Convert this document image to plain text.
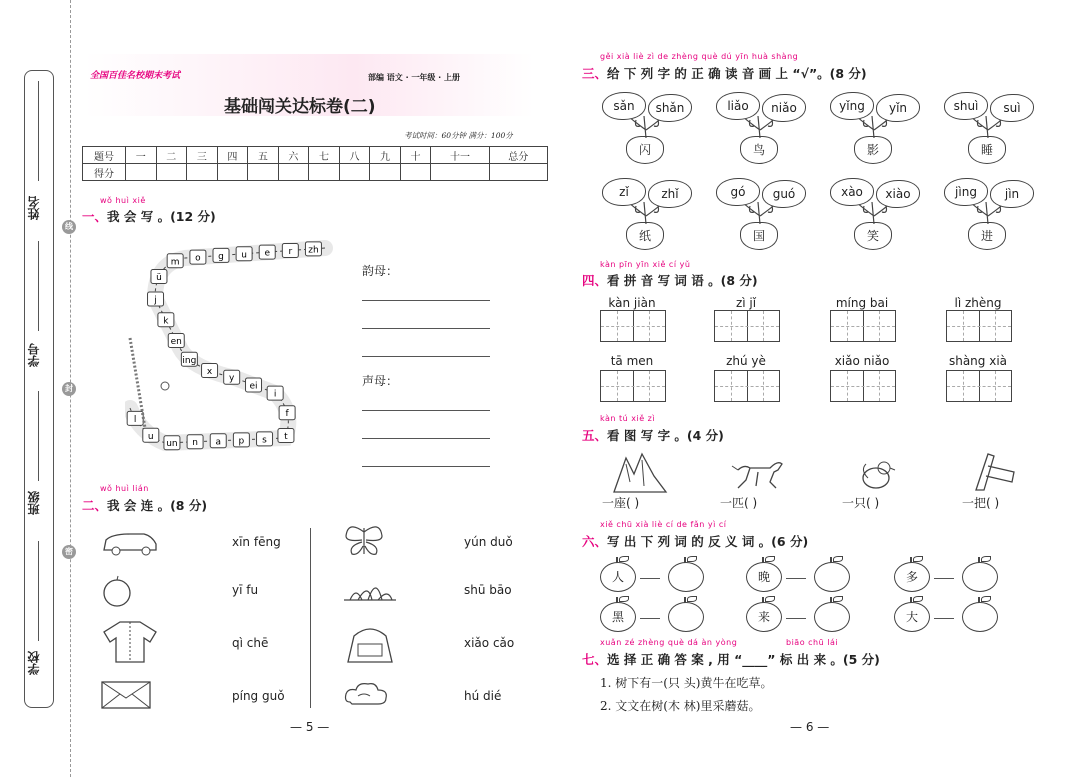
姓名
学号
班级
学校
线
封
密
全国百佳名校期末考试	部编 语文 · 一年级 · 上册
基础闯关达标卷(二)
考试时间：60分钟 满分：100分
题号	一	二	三	四	五	六	七	八	九	十	十一	总分
得分												
wǒ huì xiě
一、我 会 写 。(12 分)
zh
r
e
u
g
o
m
ü
j
k
en
ing
x
y
ei
i
f
t
s
p
a
n
un
u
l
韵母：
声母：
wǒ huì lián
二、我 会 连 。(8 分)
xīn fēng
yī fu
qì chē
píng guǒ
yún duǒ
shū bāo
xiǎo cǎo
hú dié
— 5 —
gěi xià liè zì de zhèng què dú yīn huà shàng
三、给 下 列 字 的 正 确 读 音 画 上 “√”。(8 分)
sǎn	shǎn
闪
liǎo	niǎo
鸟
yǐng	yǐn
影
shuì	suì
睡
zǐ	zhǐ
纸
gó	guó
国
xào	xiào
笑
jìng	jìn
进
kàn pīn yīn xiě cí yǔ
四、看 拼 音 写 词 语 。(8 分)
kàn jiàn	zì jǐ	míng bai	lì zhèng
tā men	zhú yè	xiǎo niǎo	shàng xià
kàn tú xiě zì
五、看 图 写 字 。(4 分)
一座( )	一匹( )	一只( )	一把( )
xiě chū xià liè cí de fǎn yì cí
六、写 出 下 列 词 的 反 义 词 。(6 分)
人	晚	多
黑	来	大
xuǎn zé zhèng què dá àn yòng	biāo chū lái
七、选 择 正 确 答 案 , 用 “____” 标 出 来 。(5 分)
1. 树下有一(只 头)黄牛在吃草。
2. 文文在树(木 林)里采蘑菇。
— 6 —
